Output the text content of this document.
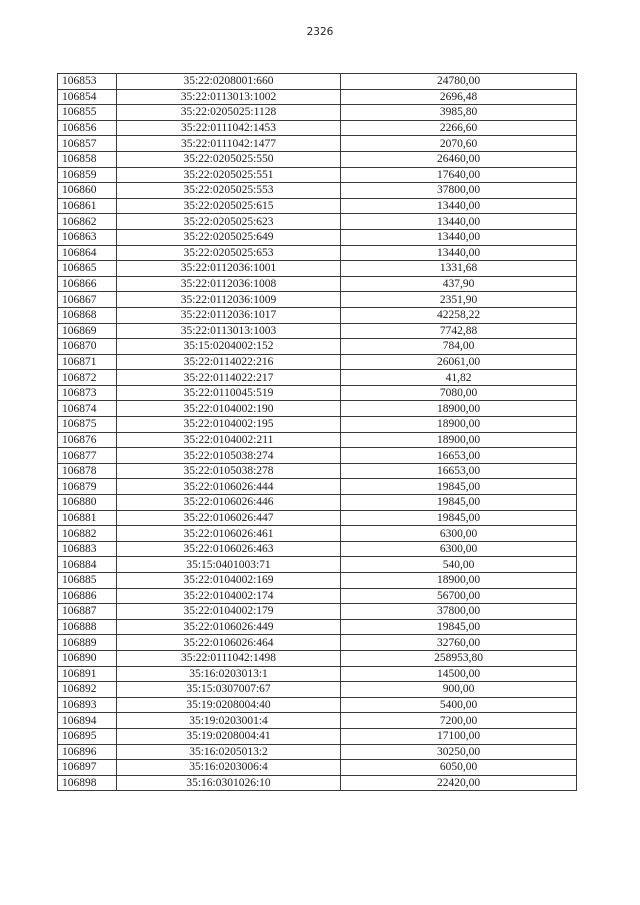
2326
106853	35:22:0208001:660	24780,00
106854	35:22:0113013:1002	2696,48
106855	35:22:0205025:1128	3985,80
106856	35:22:0111042:1453	2266,60
106857	35:22:0111042:1477	2070,60
106858	35:22:0205025:550	26460,00
106859	35:22:0205025:551	17640,00
106860	35:22:0205025:553	37800,00
106861	35:22:0205025:615	13440,00
106862	35:22:0205025:623	13440,00
106863	35:22:0205025:649	13440,00
106864	35:22:0205025:653	13440,00
106865	35:22:0112036:1001	1331,68
106866	35:22:0112036:1008	437,90
106867	35:22:0112036:1009	2351,90
106868	35:22:0112036:1017	42258,22
106869	35:22:0113013:1003	7742,88
106870	35:15:0204002:152	784,00
106871	35:22:0114022:216	26061,00
106872	35:22:0114022:217	41,82
106873	35:22:0110045:519	7080,00
106874	35:22:0104002:190	18900,00
106875	35:22:0104002:195	18900,00
106876	35:22:0104002:211	18900,00
106877	35:22:0105038:274	16653,00
106878	35:22:0105038:278	16653,00
106879	35:22:0106026:444	19845,00
106880	35:22:0106026:446	19845,00
106881	35:22:0106026:447	19845,00
106882	35:22:0106026:461	6300,00
106883	35:22:0106026:463	6300,00
106884	35:15:0401003:71	540,00
106885	35:22:0104002:169	18900,00
106886	35:22:0104002:174	56700,00
106887	35:22:0104002:179	37800,00
106888	35:22:0106026:449	19845,00
106889	35:22:0106026:464	32760,00
106890	35:22:0111042:1498	258953,80
106891	35:16:0203013:1	14500,00
106892	35:15:0307007:67	900,00
106893	35:19:0208004:40	5400,00
106894	35:19:0203001:4	7200,00
106895	35:19:0208004:41	17100,00
106896	35:16:0205013:2	30250,00
106897	35:16:0203006:4	6050,00
106898	35:16:0301026:10	22420,00
